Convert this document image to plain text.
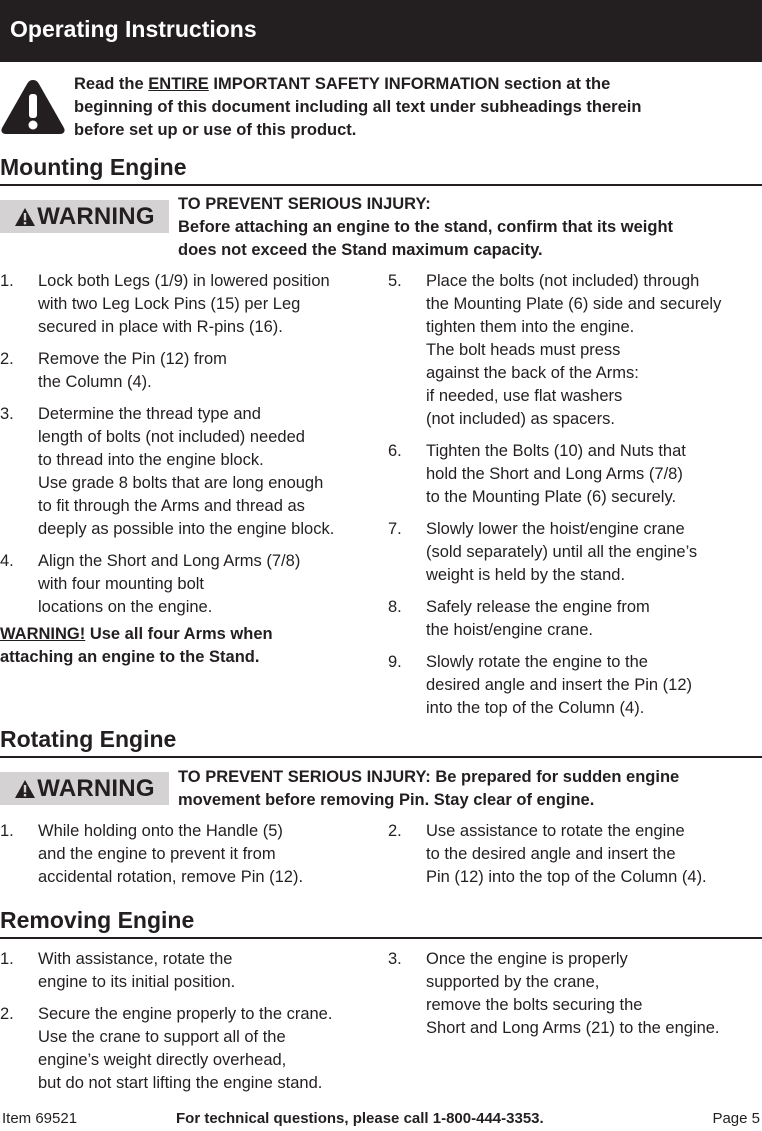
Operating Instructions
Read the ENTIRE IMPORTANT SAFETY INFORMATION section at the
beginning of this document including all text under subheadings therein
before set up or use of this product.
Mounting Engine
WARNING TO PREVENT SERIOUS INJURY:
Before attaching an engine to the stand, confirm that its weight
does not exceed the Stand maximum capacity.
1. Lock both Legs (1/9) in lowered position
with two Leg Lock Pins (15) per Leg
secured in place with R-pins (16).
2. Remove the Pin (12) from
the Column (4).
3. Determine the thread type and
length of bolts (not included) needed
to thread into the engine block.
Use grade 8 bolts that are long enough
to fit through the Arms and thread as
deeply as possible into the engine block.
4. Align the Short and Long Arms (7/8)
with four mounting bolt
locations on the engine.
WARNING! Use all four Arms when
attaching an engine to the Stand.
5. Place the bolts (not included) through
the Mounting Plate (6) side and securely
tighten them into the engine.
The bolt heads must press
against the back of the Arms:
if needed, use flat washers
(not included) as spacers.
6. Tighten the Bolts (10) and Nuts that
hold the Short and Long Arms (7/8)
to the Mounting Plate (6) securely.
7. Slowly lower the hoist/engine crane
(sold separately) until all the engine’s
weight is held by the stand.
8. Safely release the engine from
the hoist/engine crane.
9. Slowly rotate the engine to the
desired angle and insert the Pin (12)
into the top of the Column (4).
Rotating Engine
WARNING TO PREVENT SERIOUS INJURY: Be prepared for sudden engine
movement before removing Pin. Stay clear of engine.
1. While holding onto the Handle (5)
and the engine to prevent it from
accidental rotation, remove Pin (12).
2. Use assistance to rotate the engine
to the desired angle and insert the
Pin (12) into the top of the Column (4).
Removing Engine
1. With assistance, rotate the
engine to its initial position.
2. Secure the engine properly to the crane.
Use the crane to support all of the
engine’s weight directly overhead,
but do not start lifting the engine stand.
3. Once the engine is properly
supported by the crane,
remove the bolts securing the
Short and Long Arms (21) to the engine.
Item 69521	For technical questions, please call 1-800-444-3353.	Page 5
